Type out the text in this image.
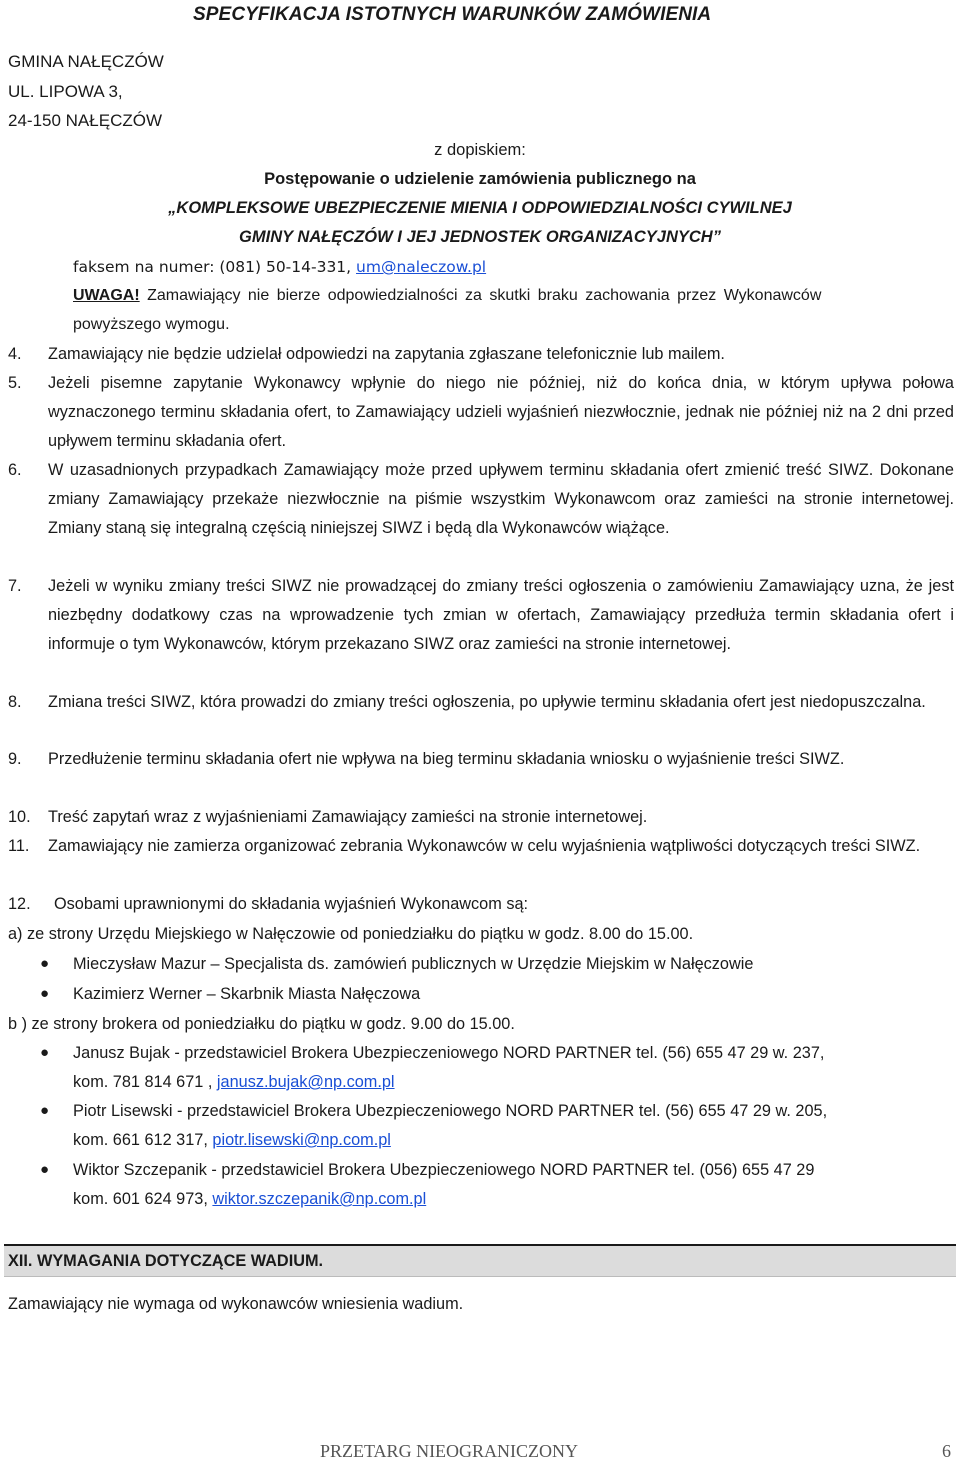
SPECYFIKACJA ISTOTNYCH WARUNKÓW ZAMÓWIENIA
GMINA NAŁĘCZÓW
UL. LIPOWA 3,
24-150 NAŁĘCZÓW
z dopiskiem:
Postępowanie o udzielenie zamówienia publicznego na
„KOMPLEKSOWE UBEZPIECZENIE MIENIA I ODPOWIEDZIALNOŚCI CYWILNEJ
GMINY NAŁĘCZÓW I JEJ JEDNOSTEK ORGANIZACYJNYCH”
faksem na numer: (081) 50-14-331, um@naleczow.pl
UWAGA! Zamawiający nie bierze odpowiedzialności za skutki braku zachowania przez Wykonawców
powyższego wymogu.
4. Zamawiający nie będzie udzielał odpowiedzi na zapytania zgłaszane telefonicznie lub mailem.
5. Jeżeli pisemne zapytanie Wykonawcy wpłynie do niego nie później, niż do końca dnia, w którym upływa połowa wyznaczonego terminu składania ofert, to Zamawiający udzieli wyjaśnień niezwłocznie, jednak nie później niż na 2 dni przed upływem terminu składania ofert.
6. W uzasadnionych przypadkach Zamawiający może przed upływem terminu składania ofert zmienić treść SIWZ. Dokonane zmiany Zamawiający przekaże niezwłocznie na piśmie wszystkim Wykonawcom oraz zamieści na stronie internetowej. Zmiany staną się integralną częścią niniejszej SIWZ i będą dla Wykonawców wiążące.
7. Jeżeli w wyniku zmiany treści SIWZ nie prowadzącej do zmiany treści ogłoszenia o zamówieniu Zamawiający uzna, że jest niezbędny dodatkowy czas na wprowadzenie tych zmian w ofertach, Zamawiający przedłuża termin składania ofert i informuje o tym Wykonawców, którym przekazano SIWZ oraz zamieści na stronie internetowej.
8. Zmiana treści SIWZ, która prowadzi do zmiany treści ogłoszenia, po upływie terminu składania ofert jest niedopuszczalna.
9. Przedłużenie terminu składania ofert nie wpływa na bieg terminu składania wniosku o wyjaśnienie treści SIWZ.
10. Treść zapytań wraz z wyjaśnieniami Zamawiający zamieści na stronie internetowej.
11. Zamawiający nie zamierza organizować zebrania Wykonawców w celu wyjaśnienia wątpliwości dotyczących treści SIWZ.
12. Osobami uprawnionymi do składania wyjaśnień Wykonawcom są:
a) ze strony Urzędu Miejskiego w Nałęczowie od poniedziałku do piątku w godz. 8.00 do 15.00.
● Mieczysław Mazur – Specjalista ds. zamówień publicznych w Urzędzie Miejskim w Nałęczowie
● Kazimierz Werner – Skarbnik Miasta Nałęczowa
b ) ze strony brokera od poniedziałku do piątku w godz. 9.00 do 15.00.
● Janusz Bujak - przedstawiciel Brokera Ubezpieczeniowego NORD PARTNER tel. (56) 655 47 29 w. 237,
kom. 781 814 671 , janusz.bujak@np.com.pl
● Piotr Lisewski - przedstawiciel Brokera Ubezpieczeniowego NORD PARTNER tel. (56) 655 47 29 w. 205,
kom. 661 612 317, piotr.lisewski@np.com.pl
● Wiktor Szczepanik - przedstawiciel Brokera Ubezpieczeniowego NORD PARTNER tel. (056) 655 47 29
kom. 601 624 973, wiktor.szczepanik@np.com.pl
XII. WYMAGANIA DOTYCZĄCE WADIUM.
Zamawiający nie wymaga od wykonawców wniesienia wadium.
PRZETARG NIEOGRANICZONY	6
